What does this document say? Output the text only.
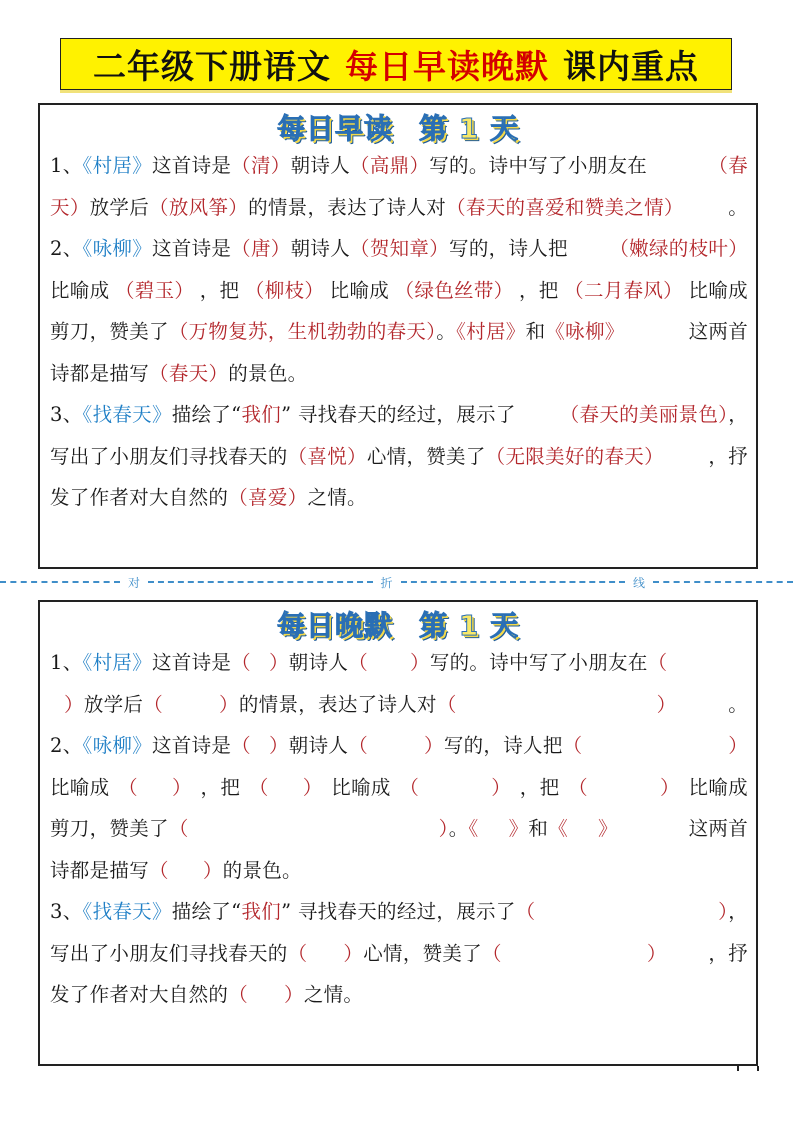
二年级下册语文 每日早读晚默 课内重点
每日早读 第 1 天
1、《村居》这首诗是（清）朝诗人（高鼎）写的。诗中写了小朋友在	（春
天）放学后（放风筝）的情景，表达了诗人对（春天的喜爱和赞美之情） 。
2、《咏柳》这首诗是（唐）朝诗人（贺知章）写的，诗人把 （嫩绿的枝叶）
比喻成 （碧玉） ，把 （柳枝） 比喻成 （绿色丝带） ，把 （二月春风） 比喻成
剪刀，赞美了（万物复苏，生机勃勃的春天）。《村居》和《咏柳》	这两首
诗都是描写 （ 春天 ） 的景色。
3、《找春天》描绘了“我们” 寻找春天的经过，展示了 （春天的美丽景色），
写出了小朋友们寻找春天的（喜悦）心情，赞美了（无限美好的春天） ，抒
发了作者对大自然的 （ 喜爱 ） 之情。
对	折	线
每日晚默 第 1 天
1、《村居》这首诗是（ ）朝诗人（ ）写的。诗中写了小朋友在（
）放学后（	）的情景，表达了诗人对（	）	。
2、《咏柳》这首诗是（ ）朝诗人（	）写的，诗人把（	）
比喻成 （ ） ，把 （ ） 比喻成 （	） ，把 （	） 比喻成
剪刀，赞美了（	）。《 》和《 》	这两首
诗都是描写 （ ） 的景色。
3、《找春天》描绘了“我们” 寻找春天的经过，展示了（	），
写出了小朋友们寻找春天的（ ）心情，赞美了（	） ，抒
发了作者对大自然的 （ ） 之情。
